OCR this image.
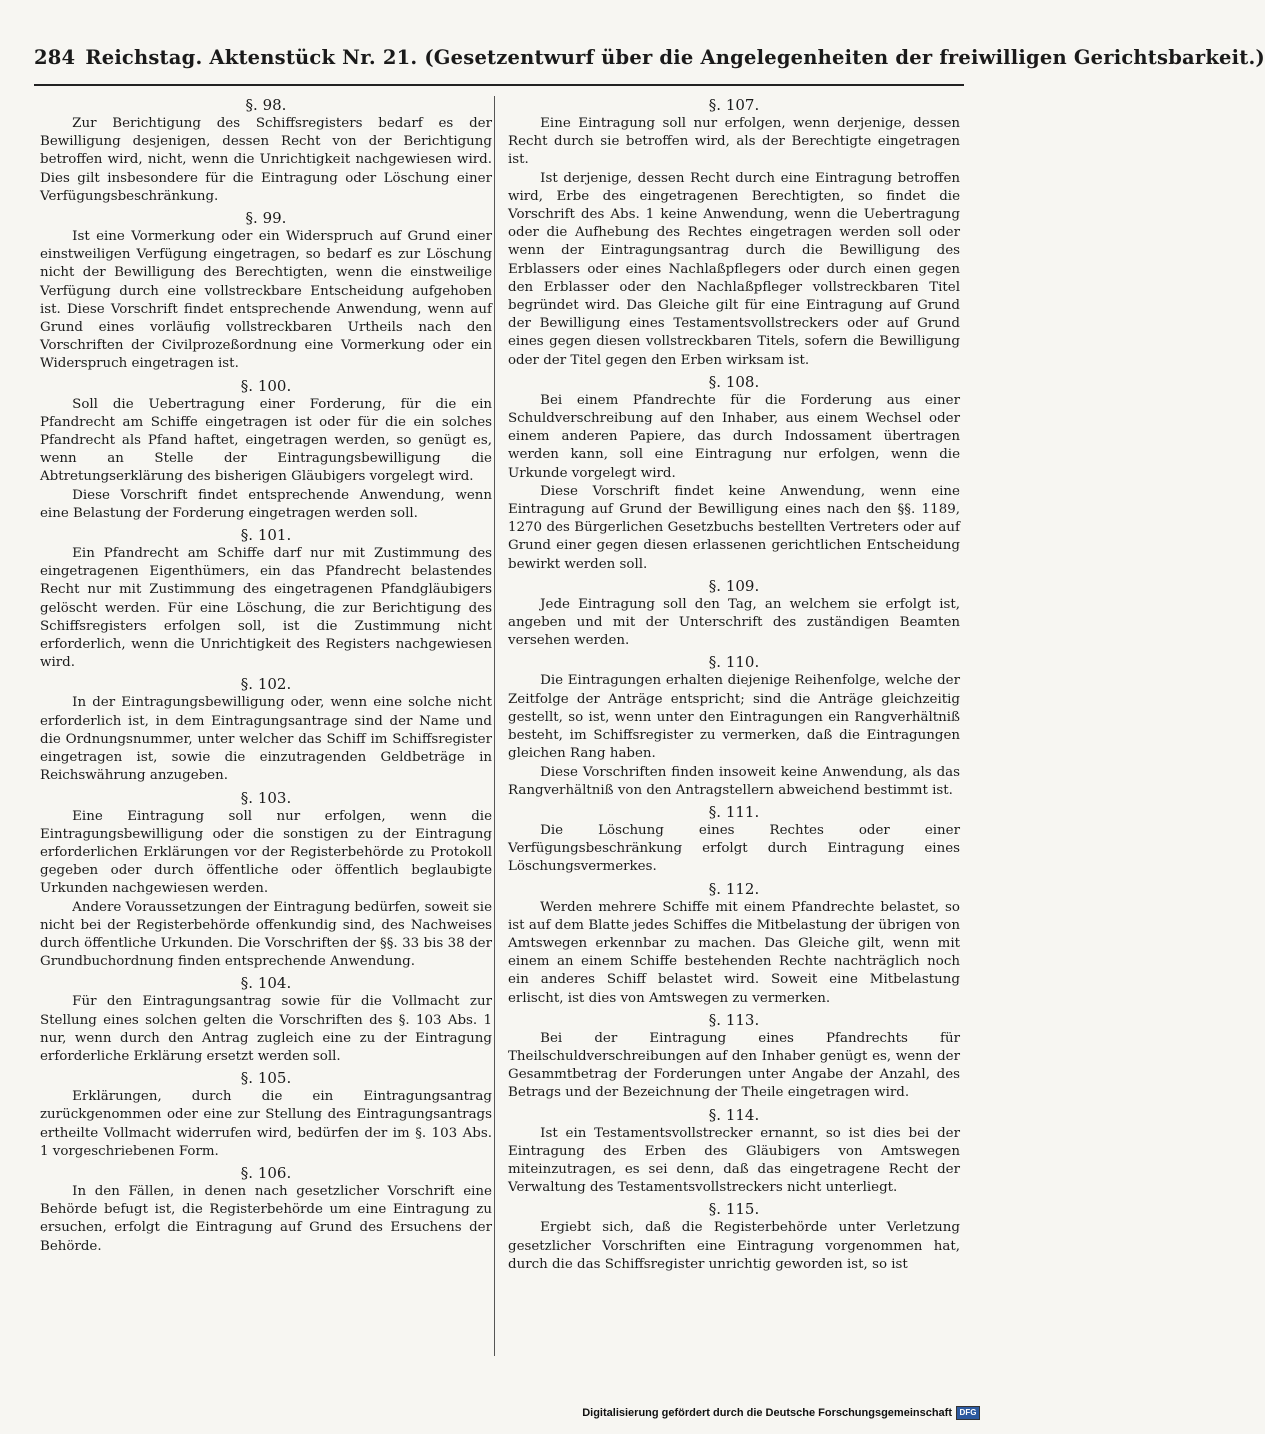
284 Reichstag. Aktenstück Nr. 21. (Gesetzentwurf über die Angelegenheiten der freiwilligen Gerichtsbarkeit.)
§. 98.

Zur Berichtigung des Schiffsregisters bedarf es der Bewilligung desjenigen, dessen Recht von der Berichtigung betroffen wird, nicht, wenn die Unrichtigkeit nachgewiesen wird. Dies gilt insbesondere für die Eintragung oder Löschung einer Verfügungsbeschränkung.

§. 99.

Ist eine Vormerkung oder ein Widerspruch auf Grund einer einstweiligen Verfügung eingetragen, so bedarf es zur Löschung nicht der Bewilligung des Berechtigten, wenn die einstweilige Verfügung durch eine vollstreckbare Entscheidung aufgehoben ist. Diese Vorschrift findet entsprechende Anwendung, wenn auf Grund eines vorläufig vollstreckbaren Urtheils nach den Vorschriften der Civilprozeßordnung eine Vormerkung oder ein Widerspruch eingetragen ist.

§. 100.

Soll die Uebertragung einer Forderung, für die ein Pfandrecht am Schiffe eingetragen ist oder für die ein solches Pfandrecht als Pfand haftet, eingetragen werden, so genügt es, wenn an Stelle der Eintragungsbewilligung die Abtretungserklärung des bisherigen Gläubigers vorgelegt wird.

Diese Vorschrift findet entsprechende Anwendung, wenn eine Belastung der Forderung eingetragen werden soll.

§. 101.

Ein Pfandrecht am Schiffe darf nur mit Zustimmung des eingetragenen Eigenthümers, ein das Pfandrecht belastendes Recht nur mit Zustimmung des eingetragenen Pfandgläubigers gelöscht werden. Für eine Löschung, die zur Berichtigung des Schiffsregisters erfolgen soll, ist die Zustimmung nicht erforderlich, wenn die Unrichtigkeit des Registers nachgewiesen wird.

§. 102.

In der Eintragungsbewilligung oder, wenn eine solche nicht erforderlich ist, in dem Eintragungsantrage sind der Name und die Ordnungsnummer, unter welcher das Schiff im Schiffsregister eingetragen ist, sowie die einzutragenden Geldbeträge in Reichswährung anzugeben.

§. 103.

Eine Eintragung soll nur erfolgen, wenn die Eintragungsbewilligung oder die sonstigen zu der Eintragung erforderlichen Erklärungen vor der Registerbehörde zu Protokoll gegeben oder durch öffentliche oder öffentlich beglaubigte Urkunden nachgewiesen werden.

Andere Voraussetzungen der Eintragung bedürfen, soweit sie nicht bei der Registerbehörde offenkundig sind, des Nachweises durch öffentliche Urkunden. Die Vorschriften der §§. 33 bis 38 der Grundbuchordnung finden entsprechende Anwendung.

§. 104.

Für den Eintragungsantrag sowie für die Vollmacht zur Stellung eines solchen gelten die Vorschriften des §. 103 Abs. 1 nur, wenn durch den Antrag zugleich eine zu der Eintragung erforderliche Erklärung ersetzt werden soll.

§. 105.

Erklärungen, durch die ein Eintragungsantrag zurückgenommen oder eine zur Stellung des Eintragungsantrags ertheilte Vollmacht widerrufen wird, bedürfen der im §. 103 Abs. 1 vorgeschriebenen Form.

§. 106.

In den Fällen, in denen nach gesetzlicher Vorschrift eine Behörde befugt ist, die Registerbehörde um eine Eintragung zu ersuchen, erfolgt die Eintragung auf Grund des Ersuchens der Behörde.

§. 107.

Eine Eintragung soll nur erfolgen, wenn derjenige, dessen Recht durch sie betroffen wird, als der Berechtigte eingetragen ist.

Ist derjenige, dessen Recht durch eine Eintragung betroffen wird, Erbe des eingetragenen Berechtigten, so findet die Vorschrift des Abs. 1 keine Anwendung, wenn die Uebertragung oder die Aufhebung des Rechtes eingetragen werden soll oder wenn der Eintragungsantrag durch die Bewilligung des Erblassers oder eines Nachlaßpflegers oder durch einen gegen den Erblasser oder den Nachlaßpfleger vollstreckbaren Titel begründet wird. Das Gleiche gilt für eine Eintragung auf Grund der Bewilligung eines Testamentsvollstreckers oder auf Grund eines gegen diesen vollstreckbaren Titels, sofern die Bewilligung oder der Titel gegen den Erben wirksam ist.

§. 108.

Bei einem Pfandrechte für die Forderung aus einer Schuldverschreibung auf den Inhaber, aus einem Wechsel oder einem anderen Papiere, das durch Indossament übertragen werden kann, soll eine Eintragung nur erfolgen, wenn die Urkunde vorgelegt wird.

Diese Vorschrift findet keine Anwendung, wenn eine Eintragung auf Grund der Bewilligung eines nach den §§. 1189, 1270 des Bürgerlichen Gesetzbuchs bestellten Vertreters oder auf Grund einer gegen diesen erlassenen gerichtlichen Entscheidung bewirkt werden soll.

§. 109.

Jede Eintragung soll den Tag, an welchem sie erfolgt ist, angeben und mit der Unterschrift des zuständigen Beamten versehen werden.

§. 110.

Die Eintragungen erhalten diejenige Reihenfolge, welche der Zeitfolge der Anträge entspricht; sind die Anträge gleichzeitig gestellt, so ist, wenn unter den Eintragungen ein Rangverhältniß besteht, im Schiffsregister zu vermerken, daß die Eintragungen gleichen Rang haben.

Diese Vorschriften finden insoweit keine Anwendung, als das Rangverhältniß von den Antragstellern abweichend bestimmt ist.

§. 111.

Die Löschung eines Rechtes oder einer Verfügungsbeschränkung erfolgt durch Eintragung eines Löschungsvermerkes.

§. 112.

Werden mehrere Schiffe mit einem Pfandrechte belastet, so ist auf dem Blatte jedes Schiffes die Mitbelastung der übrigen von Amtswegen erkennbar zu machen. Das Gleiche gilt, wenn mit einem an einem Schiffe bestehenden Rechte nachträglich noch ein anderes Schiff belastet wird. Soweit eine Mitbelastung erlischt, ist dies von Amtswegen zu vermerken.

§. 113.

Bei der Eintragung eines Pfandrechts für Theilschuldverschreibungen auf den Inhaber genügt es, wenn der Gesammtbetrag der Forderungen unter Angabe der Anzahl, des Betrags und der Bezeichnung der Theile eingetragen wird.

§. 114.

Ist ein Testamentsvollstrecker ernannt, so ist dies bei der Eintragung des Erben des Gläubigers von Amtswegen miteinzutragen, es sei denn, daß das eingetragene Recht der Verwaltung des Testamentsvollstreckers nicht unterliegt.

§. 115.

Ergiebt sich, daß die Registerbehörde unter Verletzung gesetzlicher Vorschriften eine Eintragung vorgenommen hat, durch die das Schiffsregister unrichtig geworden ist, so ist

Digitalisierung gefördert durch die Deutsche Forschungsgemeinschaft DFG
